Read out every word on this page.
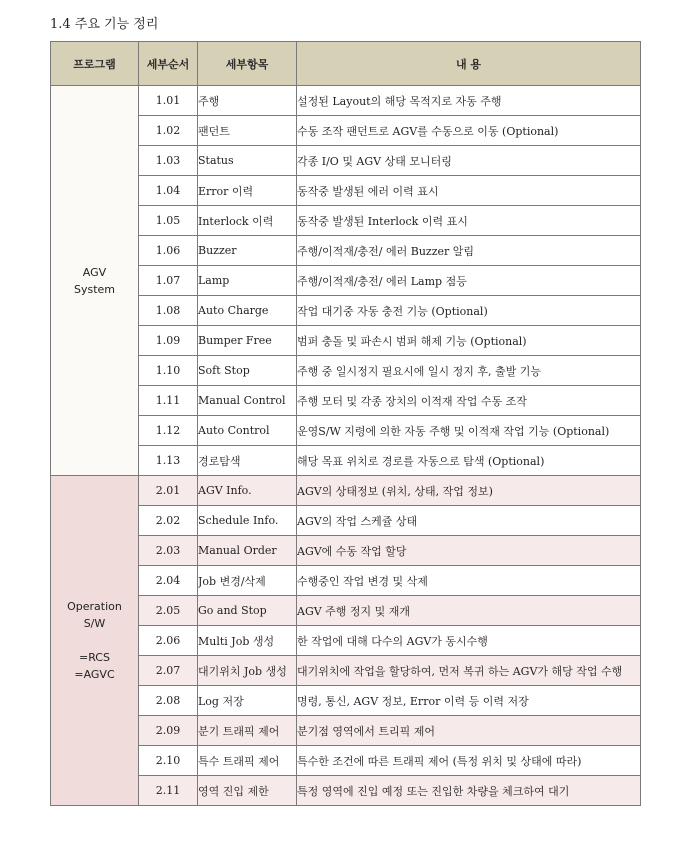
1.4 주요 기능 정리
프로그램	세부순서	세부항목	내 용

AGV
System	1.01	주행	설정된 Layout의 해당 목적지로 자동 주행
	1.02	팬던트	수동 조작 팬던트로 AGV를 수동으로 이동 (Optional)
	1.03	Status	각종 I/O 및 AGV 상태 모니터링
	1.04	Error 이력	동작중 발생된 에러 이력 표시
	1.05	Interlock 이력	동작중 발생된 Interlock 이력 표시
	1.06	Buzzer	주행/이적재/충전/ 에러 Buzzer 알림
	1.07	Lamp	주행/이적재/충전/ 에러 Lamp 점등
	1.08	Auto Charge	작업 대기중 자동 충전 기능 (Optional)
	1.09	Bumper Free	범퍼 충돌 및 파손시 범퍼 해제 기능 (Optional)
	1.10	Soft Stop	주행 중 일시정지 필요시에 일시 정지 후, 출발 기능
	1.11	Manual Control	주행 모터 및 각종 장치의 이적재 작업 수동 조작
	1.12	Auto Control	운영S/W 지령에 의한 자동 주행 및 이적재 작업 기능 (Optional)
	1.13	경로탐색	해당 목표 위치로 경로를 자동으로 탐색 (Optional)

Operation
S/W

=RCS
=AGVC	2.01	AGV Info.	AGV의 상태정보 (위치, 상태, 작업 정보)
	2.02	Schedule Info.	AGV의 작업 스케쥴 상태
	2.03	Manual Order	AGV에 수동 작업 할당
	2.04	Job 변경/삭제	수행중인 작업 변경 및 삭제
	2.05	Go and Stop	AGV 주행 정지 및 재개
	2.06	Multi Job 생성	한 작업에 대해 다수의 AGV가 동시수행
	2.07	대기위치 Job 생성	대기위치에 작업을 할당하여, 먼저 복귀 하는 AGV가 해당 작업 수행
	2.08	Log 저장	명령, 통신, AGV 정보, Error 이력 등 이력 저장
	2.09	분기 트래픽 제어	분기점 영역에서 트리픽 제어
	2.10	특수 트래픽 제어	특수한 조건에 따른 트래픽 제어 (특정 위치 및 상태에 따라)
	2.11	영역 진입 제한	특정 영역에 진입 예정 또는 진입한 차량을 체크하여 대기
